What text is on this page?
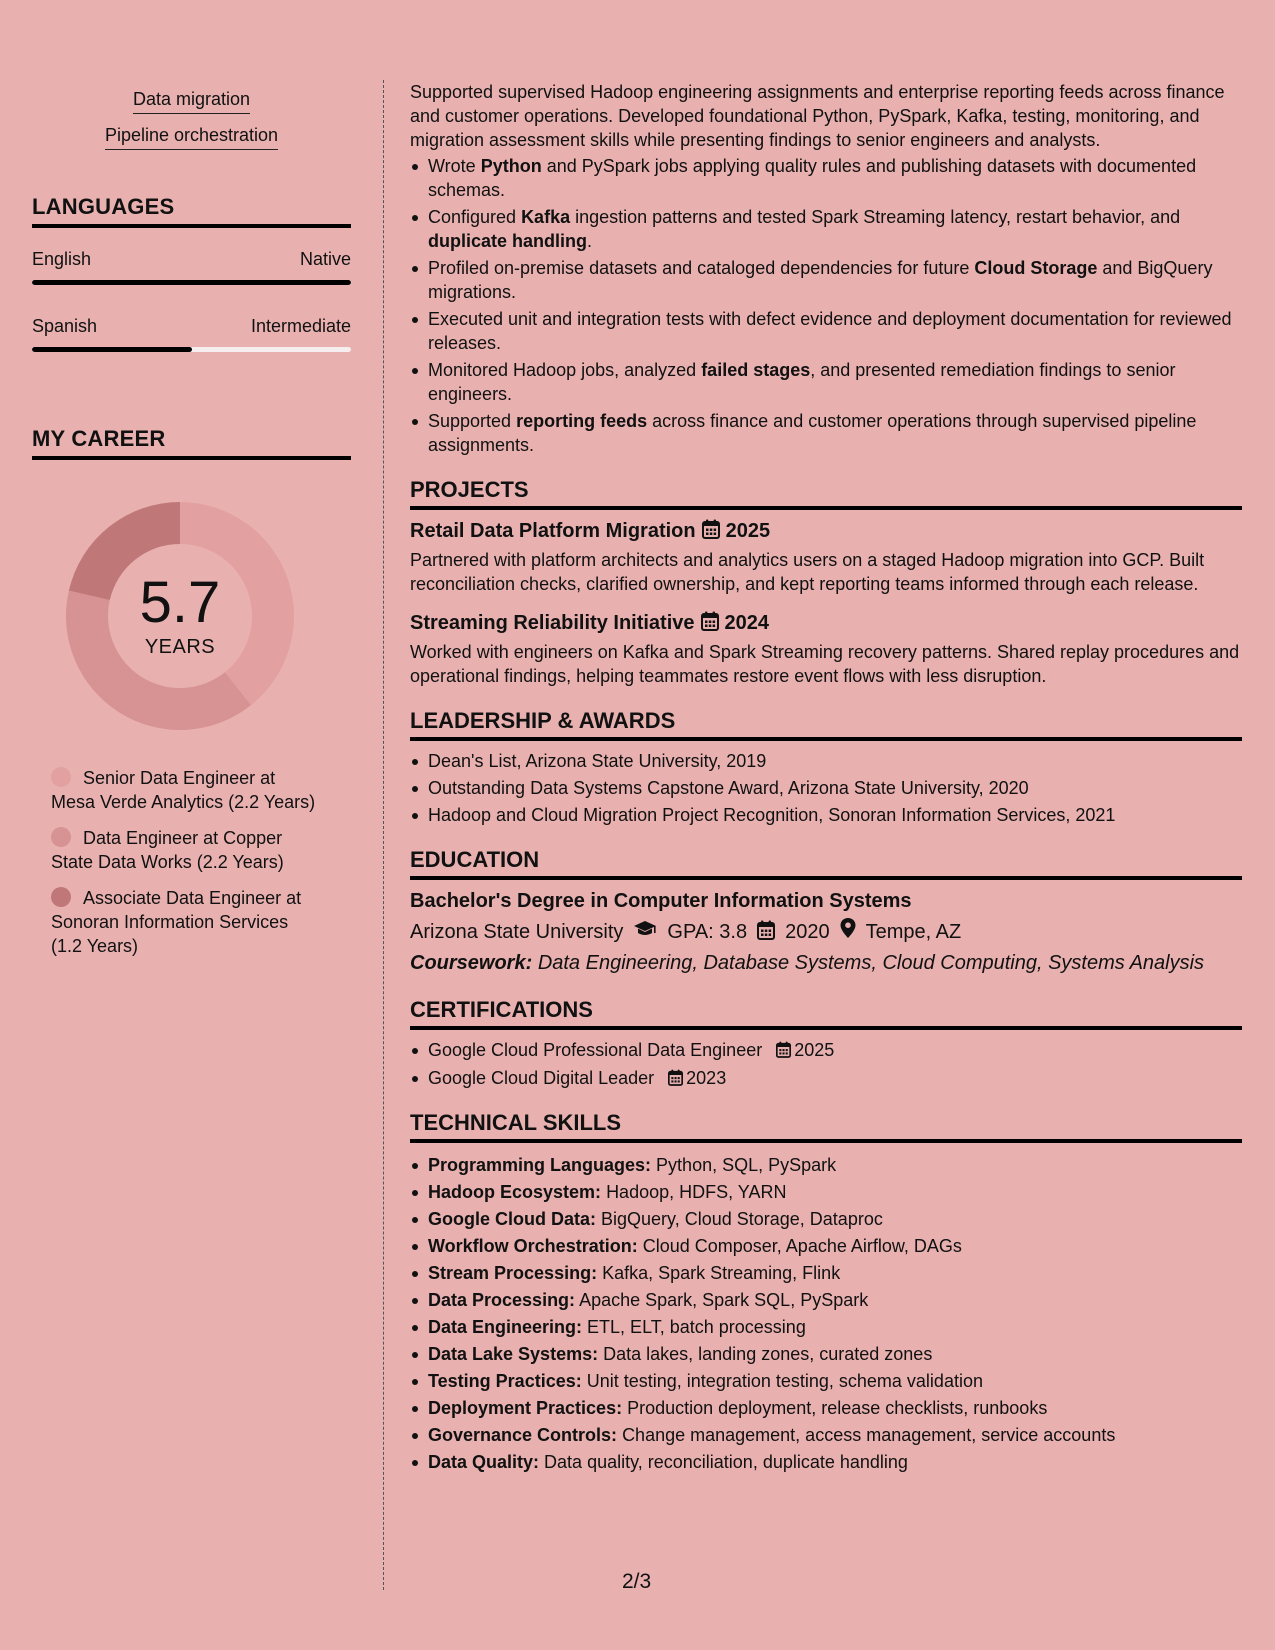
Data migration
Pipeline orchestration
LANGUAGES
English	Native
Spanish	Intermediate
MY CAREER
5.7
YEARS
Senior Data Engineer at Mesa Verde Analytics (2.2 Years)
Data Engineer at Copper State Data Works (2.2 Years)
Associate Data Engineer at Sonoran Information Services (1.2 Years)

Supported supervised Hadoop engineering assignments and enterprise reporting feeds across finance and customer operations. Developed foundational Python, PySpark, Kafka, testing, monitoring, and migration assessment skills while presenting findings to senior engineers and analysts.

Wrote Python and PySpark jobs applying quality rules and publishing datasets with documented schemas.
Configured Kafka ingestion patterns and tested Spark Streaming latency, restart behavior, and duplicate handling.
Profiled on-premise datasets and cataloged dependencies for future Cloud Storage and BigQuery migrations.
Executed unit and integration tests with defect evidence and deployment documentation for reviewed releases.
Monitored Hadoop jobs, analyzed failed stages, and presented remediation findings to senior engineers.
Supported reporting feeds across finance and customer operations through supervised pipeline assignments.
PROJECTS
Retail Data Platform Migration 2025

Partnered with platform architects and analytics users on a staged Hadoop migration into GCP. Built reconciliation checks, clarified ownership, and kept reporting teams informed through each release.

Streaming Reliability Initiative 2024

Worked with engineers on Kafka and Spark Streaming recovery patterns. Shared replay procedures and operational findings, helping teammates restore event flows with less disruption.

LEADERSHIP & AWARDS
Dean's List, Arizona State University, 2019
Outstanding Data Systems Capstone Award, Arizona State University, 2020
Hadoop and Cloud Migration Project Recognition, Sonoran Information Services, 2021
EDUCATION
Bachelor's Degree in Computer Information Systems
Arizona State University GPA: 3.8 2020 Tempe, AZ
Coursework: Data Engineering, Database Systems, Cloud Computing, Systems Analysis
CERTIFICATIONS
Google Cloud Professional Data Engineer 2025
Google Cloud Digital Leader 2023
TECHNICAL SKILLS
Programming Languages: Python, SQL, PySpark
Hadoop Ecosystem: Hadoop, HDFS, YARN
Google Cloud Data: BigQuery, Cloud Storage, Dataproc
Workflow Orchestration: Cloud Composer, Apache Airflow, DAGs
Stream Processing: Kafka, Spark Streaming, Flink
Data Processing: Apache Spark, Spark SQL, PySpark
Data Engineering: ETL, ELT, batch processing
Data Lake Systems: Data lakes, landing zones, curated zones
Testing Practices: Unit testing, integration testing, schema validation
Deployment Practices: Production deployment, release checklists, runbooks
Governance Controls: Change management, access management, service accounts
Data Quality: Data quality, reconciliation, duplicate handling
2/3
